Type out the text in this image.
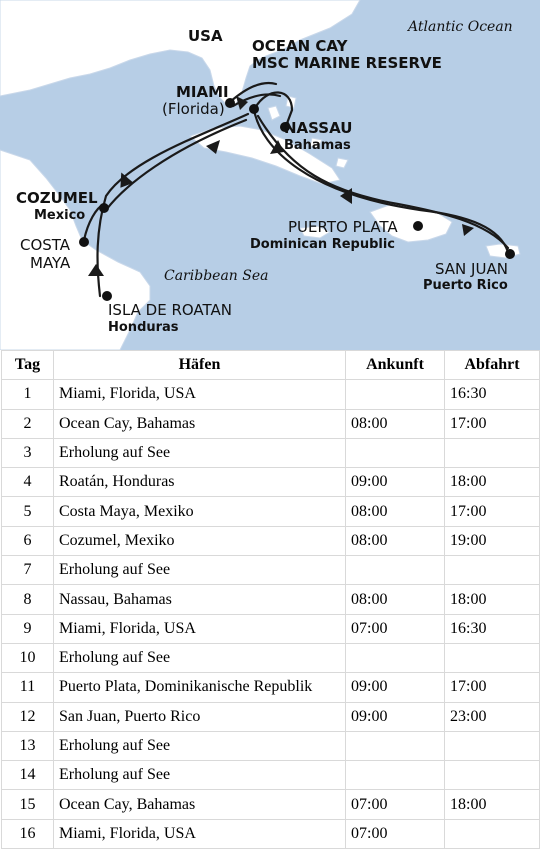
USA	Atlantic Ocean
OCEAN CAY
MSC MARINE RESERVE
MIAMI
(Florida)
NASSAU
Bahamas
COZUMEL
Mexico
COSTA
MAYA
PUERTO PLATA
Dominican Republic
Caribbean Sea	SAN JUAN
Puerto Rico
ISLA DE ROATAN
Honduras
Tag	Häfen	Ankunft	Abfahrt
1	Miami, Florida, USA		16:30
2	Ocean Cay, Bahamas	08:00	17:00
3	Erholung auf See		
4	Roatán, Honduras	09:00	18:00
5	Costa Maya, Mexiko	08:00	17:00
6	Cozumel, Mexiko	08:00	19:00
7	Erholung auf See		
8	Nassau, Bahamas	08:00	18:00
9	Miami, Florida, USA	07:00	16:30
10	Erholung auf See		
11	Puerto Plata, Dominikanische Republik	09:00	17:00
12	San Juan, Puerto Rico	09:00	23:00
13	Erholung auf See		
14	Erholung auf See		
15	Ocean Cay, Bahamas	07:00	18:00
16	Miami, Florida, USA	07:00	
